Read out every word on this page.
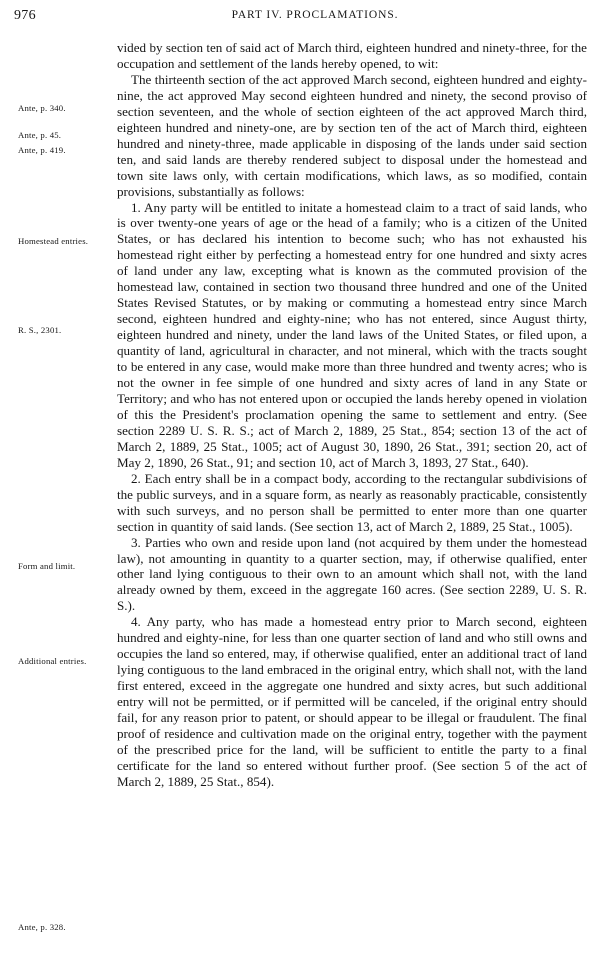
976	PART IV. PROCLAMATIONS.
Ante, p. 340.
Ante, p. 45.
Ante, p. 419.
Homestead entries.
R. S., 2301.
Form and limit.
Additional entries.
Ante, p. 328.

vided by section ten of said act of March third, eighteen hundred and ninety-three, for the occupation and settlement of the lands hereby opened, to wit:

The thirteenth section of the act approved March second, eighteen hundred and eighty-nine, the act approved May second eighteen hundred and ninety, the second proviso of section seventeen, and the whole of section eighteen of the act approved March third, eighteen hundred and ninety-one, are by section ten of the act of March third, eighteen hundred and ninety-three, made applicable in disposing of the lands under said section ten, and said lands are thereby rendered subject to disposal under the homestead and town site laws only, with certain modifications, which laws, as so modified, contain provisions, substantially as follows:

1. Any party will be entitled to initate a homestead claim to a tract of said lands, who is over twenty-one years of age or the head of a family; who is a citizen of the United States, or has declared his intention to become such; who has not exhausted his homestead right either by perfecting a homestead entry for one hundred and sixty acres of land under any law, excepting what is known as the commuted provision of the homestead law, contained in section two thousand three hundred and one of the United States Revised Statutes, or by making or commuting a homestead entry since March second, eighteen hundred and eighty-nine; who has not entered, since August thirty, eighteen hundred and ninety, under the land laws of the United States, or filed upon, a quantity of land, agricultural in character, and not mineral, which with the tracts sought to be entered in any case, would make more than three hundred and twenty acres; who is not the owner in fee simple of one hundred and sixty acres of land in any State or Territory; and who has not entered upon or occupied the lands hereby opened in violation of this the President's proclamation opening the same to settlement and entry. (See section 2289 U. S. R. S.; act of March 2, 1889, 25 Stat., 854; section 13 of the act of March 2, 1889, 25 Stat., 1005; act of August 30, 1890, 26 Stat., 391; section 20, act of May 2, 1890, 26 Stat., 91; and section 10, act of March 3, 1893, 27 Stat., 640).

2. Each entry shall be in a compact body, according to the rectangular subdivisions of the public surveys, and in a square form, as nearly as reasonably practicable, consistently with such surveys, and no person shall be permitted to enter more than one quarter section in quantity of said lands. (See section 13, act of March 2, 1889, 25 Stat., 1005).

3. Parties who own and reside upon land (not acquired by them under the homestead law), not amounting in quantity to a quarter section, may, if otherwise qualified, enter other land lying contiguous to their own to an amount which shall not, with the land already owned by them, exceed in the aggregate 160 acres. (See section 2289, U. S. R. S.).

4. Any party, who has made a homestead entry prior to March second, eighteen hundred and eighty-nine, for less than one quarter section of land and who still owns and occupies the land so entered, may, if otherwise qualified, enter an additional tract of land lying contiguous to the land embraced in the original entry, which shall not, with the land first entered, exceed in the aggregate one hundred and sixty acres, but such additional entry will not be permitted, or if permitted will be canceled, if the original entry should fail, for any reason prior to patent, or should appear to be illegal or fraudulent. The final proof of residence and cultivation made on the original entry, together with the payment of the prescribed price for the land, will be sufficient to entitle the party to a final certificate for the land so entered without further proof. (See section 5 of the act of March 2, 1889, 25 Stat., 854).
